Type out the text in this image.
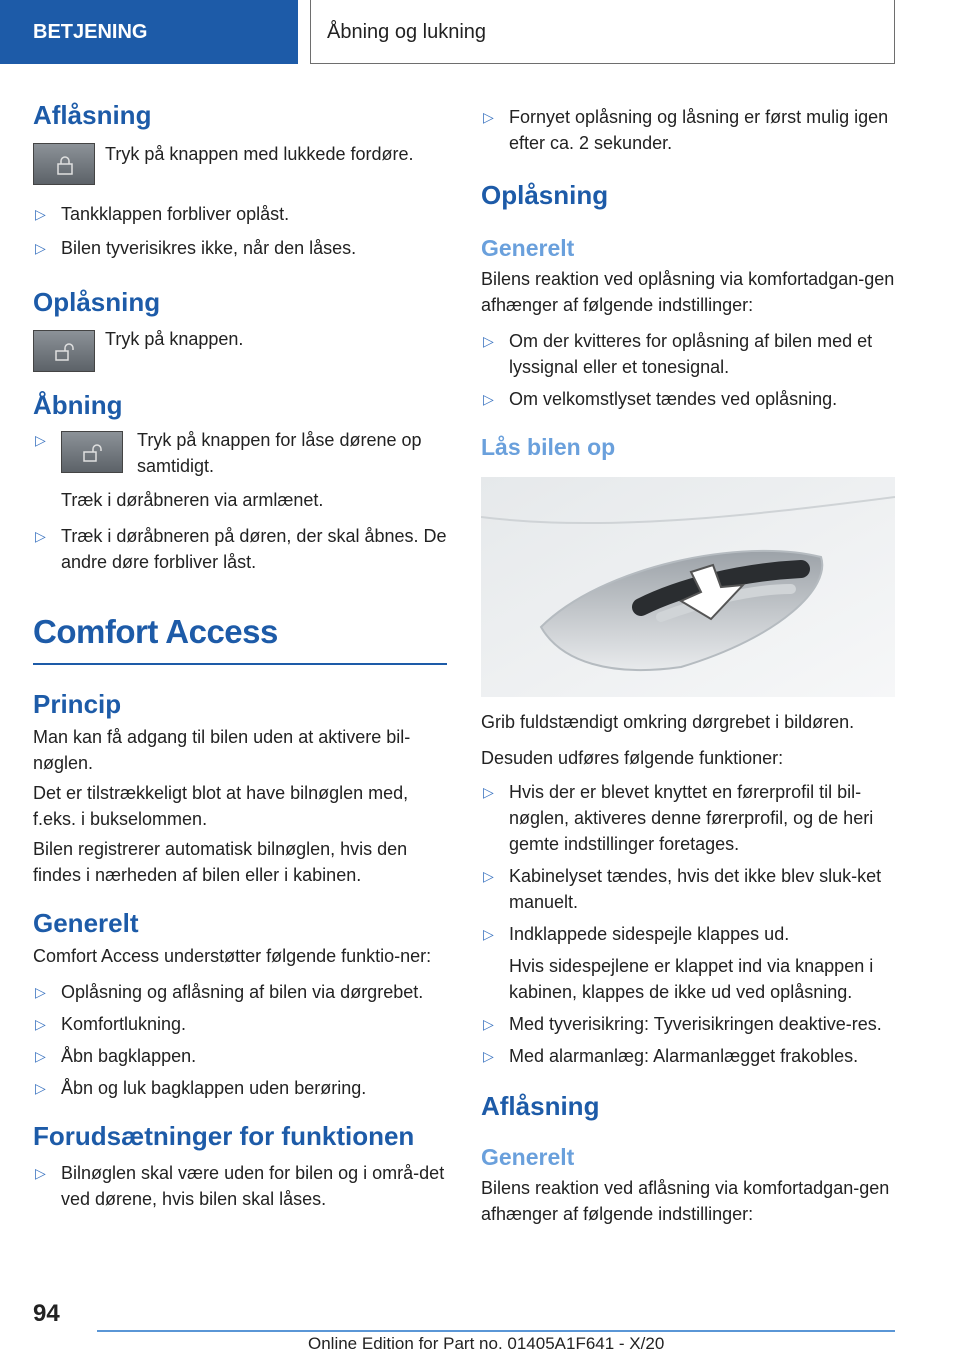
BETJENING	Åbning og lukning
Aflåsning

Tryk på knappen med lukkede fordøre.

▷ Tankklappen forbliver oplåst.
▷ Bilen tyverisikres ikke, når den låses.
Oplåsning

Tryk på knappen.

Åbning
▷	Tryk på knappen for låse dørene op
samtidigt.
Træk i døråbneren via armlænet.
▷ Træk i døråbneren på døren, der skal åbnes. De andre døre forbliver låst.
Comfort Access
Princip

Man kan få adgang til bilen uden at aktivere bil-nøglen.

Det er tilstrækkeligt blot at have bilnøglen med, f.eks. i bukselommen.

Bilen registrerer automatisk bilnøglen, hvis den findes i nærheden af bilen eller i kabinen.

Generelt

Comfort Access understøtter følgende funktio-ner:

▷ Oplåsning og aflåsning af bilen via dørgrebet.
▷ Komfortlukning.
▷ Åbn bagklappen.
▷ Åbn og luk bagklappen uden berøring.
Forudsætninger for funktionen
▷ Bilnøglen skal være uden for bilen og i områ-det ved dørene, hvis bilen skal låses.
▷ Fornyet oplåsning og låsning er først mulig igen efter ca. 2 sekunder.
Oplåsning
Generelt

Bilens reaktion ved oplåsning via komfortadgan-gen afhænger af følgende indstillinger:

▷ Om der kvitteres for oplåsning af bilen med et lyssignal eller et tonesignal.
▷ Om velkomstlyset tændes ved oplåsning.
Lås bilen op

Grib fuldstændigt omkring dørgrebet i bildøren.

Desuden udføres følgende funktioner:

▷ Hvis der er blevet knyttet en førerprofil til bil-nøglen, aktiveres denne førerprofil, og de heri gemte indstillinger foretages.
▷ Kabinelyset tændes, hvis det ikke blev sluk-ket manuelt.
▷ Indklappede sidespejle klappes ud.
Hvis sidespejlene er klappet ind via knappen i kabinen, klappes de ikke ud ved oplåsning.
▷ Med tyverisikring: Tyverisikringen deaktive-res.
▷ Med alarmanlæg: Alarmanlægget frakobles.
Aflåsning
Generelt

Bilens reaktion ved aflåsning via komfortadgan-gen afhænger af følgende indstillinger:

94
Online Edition for Part no. 01405A1F641 - X/20
